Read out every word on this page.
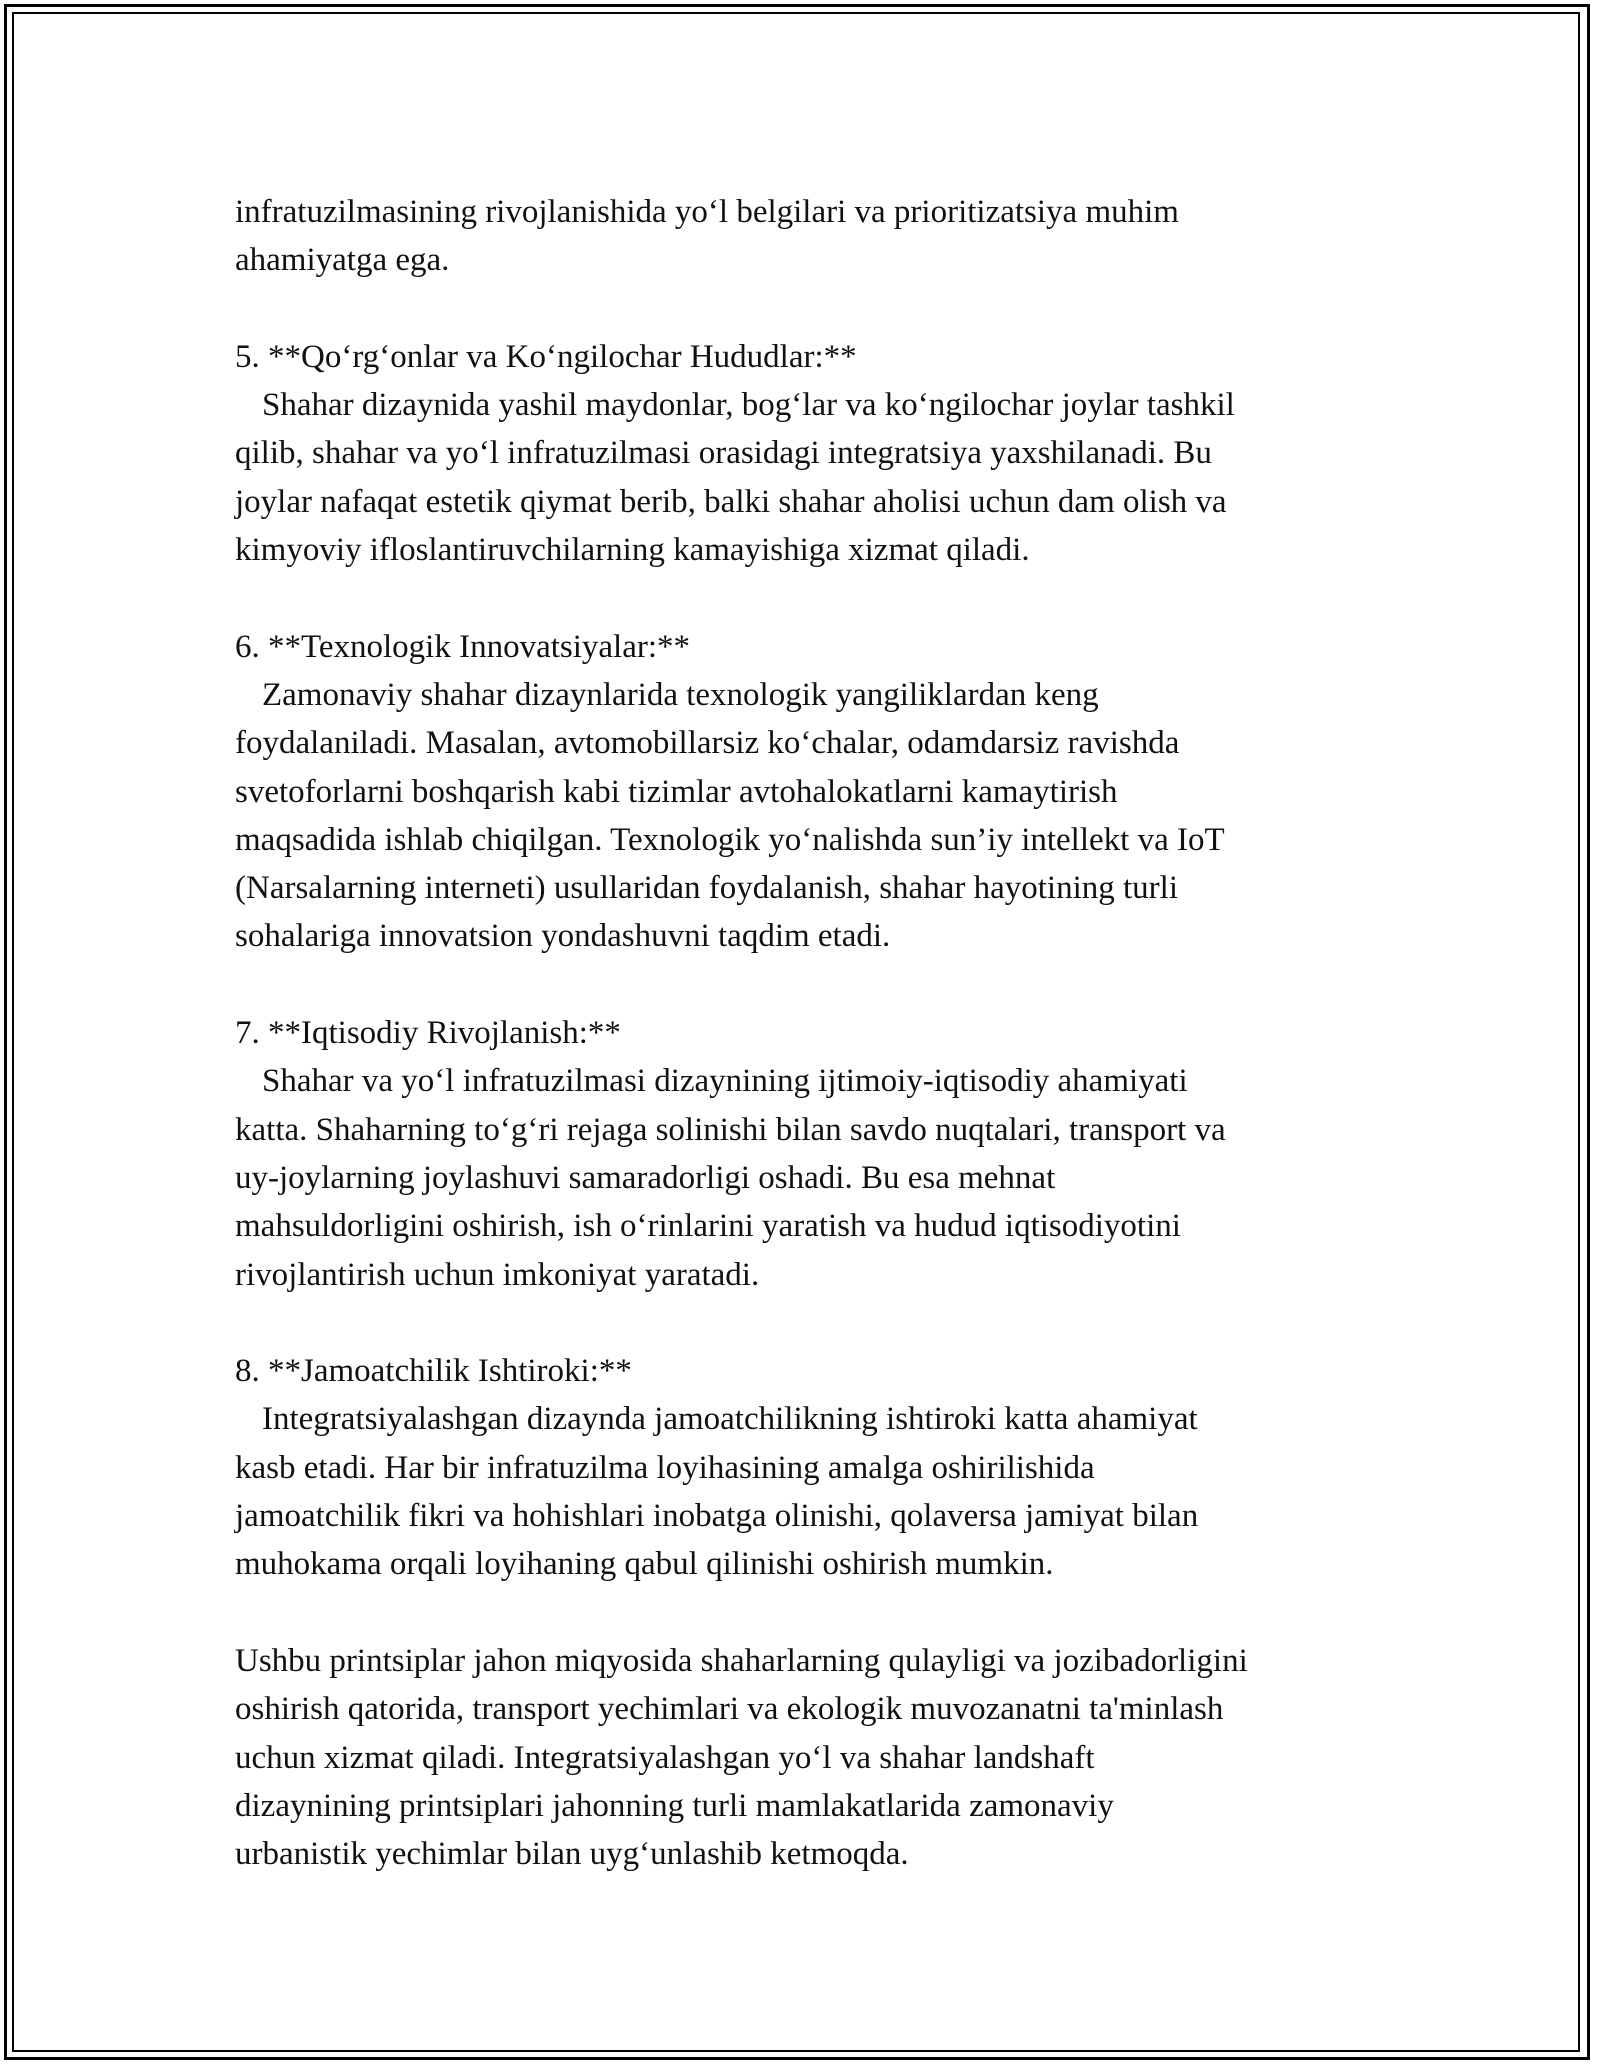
infratuzilmasining rivojlanishida yo‘l belgilari va prioritizatsiya muhim
ahamiyatga ega.
5. **Qo‘rg‘onlar va Ko‘ngilochar Hududlar:**
Shahar dizaynida yashil maydonlar, bog‘lar va ko‘ngilochar joylar tashkil
qilib, shahar va yo‘l infratuzilmasi orasidagi integratsiya yaxshilanadi. Bu
joylar nafaqat estetik qiymat berib, balki shahar aholisi uchun dam olish va
kimyoviy ifloslantiruvchilarning kamayishiga xizmat qiladi.
6. **Texnologik Innovatsiyalar:**
Zamonaviy shahar dizaynlarida texnologik yangiliklardan keng
foydalaniladi. Masalan, avtomobillarsiz ko‘chalar, odamdarsiz ravishda
svetoforlarni boshqarish kabi tizimlar avtohalokatlarni kamaytirish
maqsadida ishlab chiqilgan. Texnologik yo‘nalishda sun’iy intellekt va IoT
(Narsalarning interneti) usullaridan foydalanish, shahar hayotining turli
sohalariga innovatsion yondashuvni taqdim etadi.
7. **Iqtisodiy Rivojlanish:**
Shahar va yo‘l infratuzilmasi dizaynining ijtimoiy-iqtisodiy ahamiyati
katta. Shaharning to‘g‘ri rejaga solinishi bilan savdo nuqtalari, transport va
uy-joylarning joylashuvi samaradorligi oshadi. Bu esa mehnat
mahsuldorligini oshirish, ish o‘rinlarini yaratish va hudud iqtisodiyotini
rivojlantirish uchun imkoniyat yaratadi.
8. **Jamoatchilik Ishtiroki:**
Integratsiyalashgan dizaynda jamoatchilikning ishtiroki katta ahamiyat
kasb etadi. Har bir infratuzilma loyihasining amalga oshirilishida
jamoatchilik fikri va hohishlari inobatga olinishi, qolaversa jamiyat bilan
muhokama orqali loyihaning qabul qilinishi oshirish mumkin.
Ushbu printsiplar jahon miqyosida shaharlarning qulayligi va jozibadorligini
oshirish qatorida, transport yechimlari va ekologik muvozanatni ta'minlash
uchun xizmat qiladi. Integratsiyalashgan yo‘l va shahar landshaft
dizaynining printsiplari jahonning turli mamlakatlarida zamonaviy
urbanistik yechimlar bilan uyg‘unlashib ketmoqda.
